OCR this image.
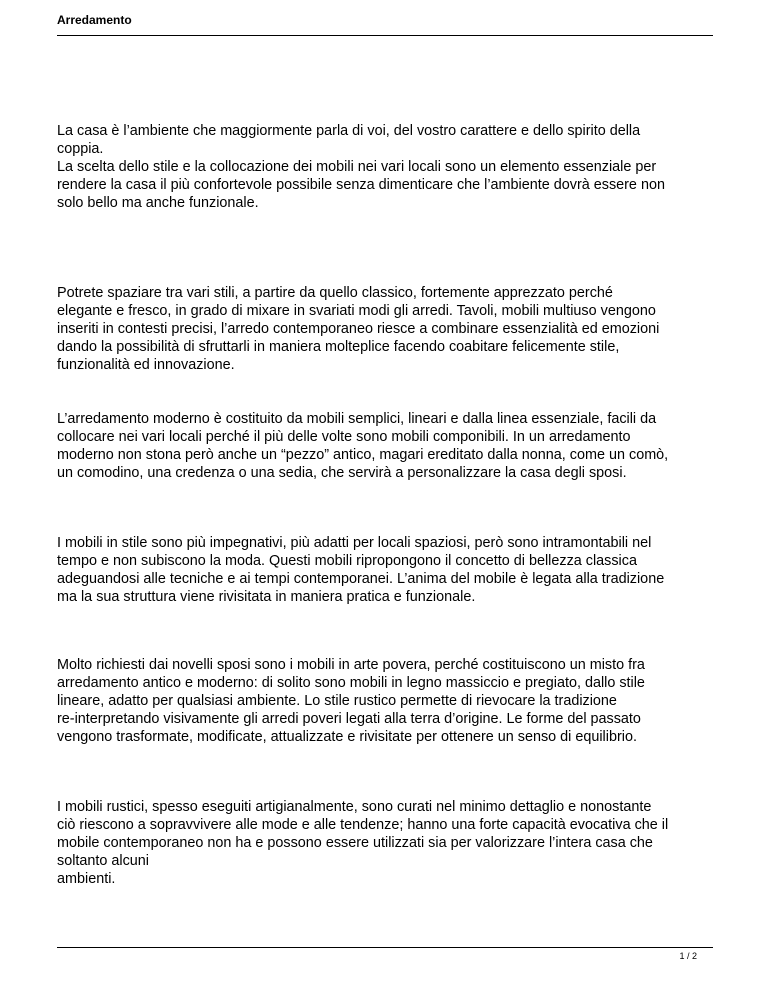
Arredamento

La casa è l’ambiente che maggiormente parla di voi, del vostro carattere e dello spirito della
coppia.
La scelta dello stile e la collocazione dei mobili nei vari locali sono un elemento essenziale per
rendere la casa il più confortevole possibile senza dimenticare che l’ambiente dovrà essere non
solo bello ma anche funzionale.

Potrete spaziare tra vari stili, a partire da quello classico, fortemente apprezzato perché
elegante e fresco, in grado di mixare in svariati modi gli arredi. Tavoli, mobili multiuso vengono
inseriti in contesti precisi, l’arredo contemporaneo riesce a combinare essenzialità ed emozioni
dando la possibilità di sfruttarli in maniera molteplice facendo coabitare felicemente stile,
funzionalità ed innovazione.

L’arredamento moderno è costituito da mobili semplici, lineari e dalla linea essenziale, facili da
collocare nei vari locali perché il più delle volte sono mobili componibili. In un arredamento
moderno non stona però anche un “pezzo” antico, magari ereditato dalla nonna, come un comò,
un comodino, una credenza o una sedia, che servirà a personalizzare la casa degli sposi.

I mobili in stile sono più impegnativi, più adatti per locali spaziosi, però sono intramontabili nel
tempo e non subiscono la moda. Questi mobili ripropongono il concetto di bellezza classica
adeguandosi alle tecniche e ai tempi contemporanei. L’anima del mobile è legata alla tradizione
ma la sua struttura viene rivisitata in maniera pratica e funzionale.

Molto richiesti dai novelli sposi sono i mobili in arte povera, perché costituiscono un misto fra
arredamento antico e moderno: di solito sono mobili in legno massiccio e pregiato, dallo stile
lineare, adatto per qualsiasi ambiente. Lo stile rustico permette di rievocare la tradizione
re-interpretando visivamente gli arredi poveri legati alla terra d’origine. Le forme del passato
vengono trasformate, modificate, attualizzate e rivisitate per ottenere un senso di equilibrio.

I mobili rustici, spesso eseguiti artigianalmente, sono curati nel minimo dettaglio e nonostante
ciò riescono a sopravvivere alle mode e alle tendenze; hanno una forte capacità evocativa che il
mobile contemporaneo non ha e possono essere utilizzati sia per valorizzare l’intera casa che
soltanto alcuni
ambienti.

1 / 2
